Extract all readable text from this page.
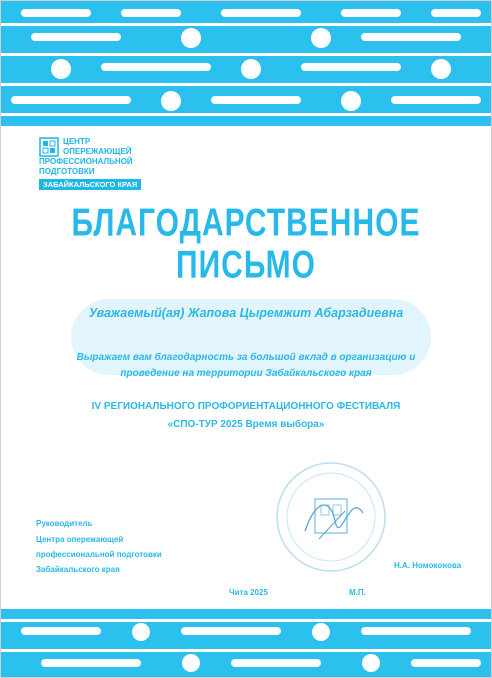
ЦЕНТР
ОПЕРЕЖАЮЩЕЙ
ПРОФЕССИОНАЛЬНОЙ
ПОДГОТОВКИ
ЗАБАЙКАЛЬСКОГО КРАЯ
БЛАГОДАРСТВЕННОЕ
ПИСЬМО
Уважаемый(ая) Жапова Цыремжит Абарзадиевна
Выражаем вам благодарность за большой вклад в организацию и
проведение на территории Забайкальского края
IV РЕГИОНАЛЬНОГО ПРОФОРИЕНТАЦИОННОГО ФЕСТИВАЛЯ
«СПО-ТУР 2025 Время выбора»
Руководитель
Центра опережающей
профессиональной подготовки
Забайкальского края	Н.А. Номоконова
Чита 2025	М.П.
